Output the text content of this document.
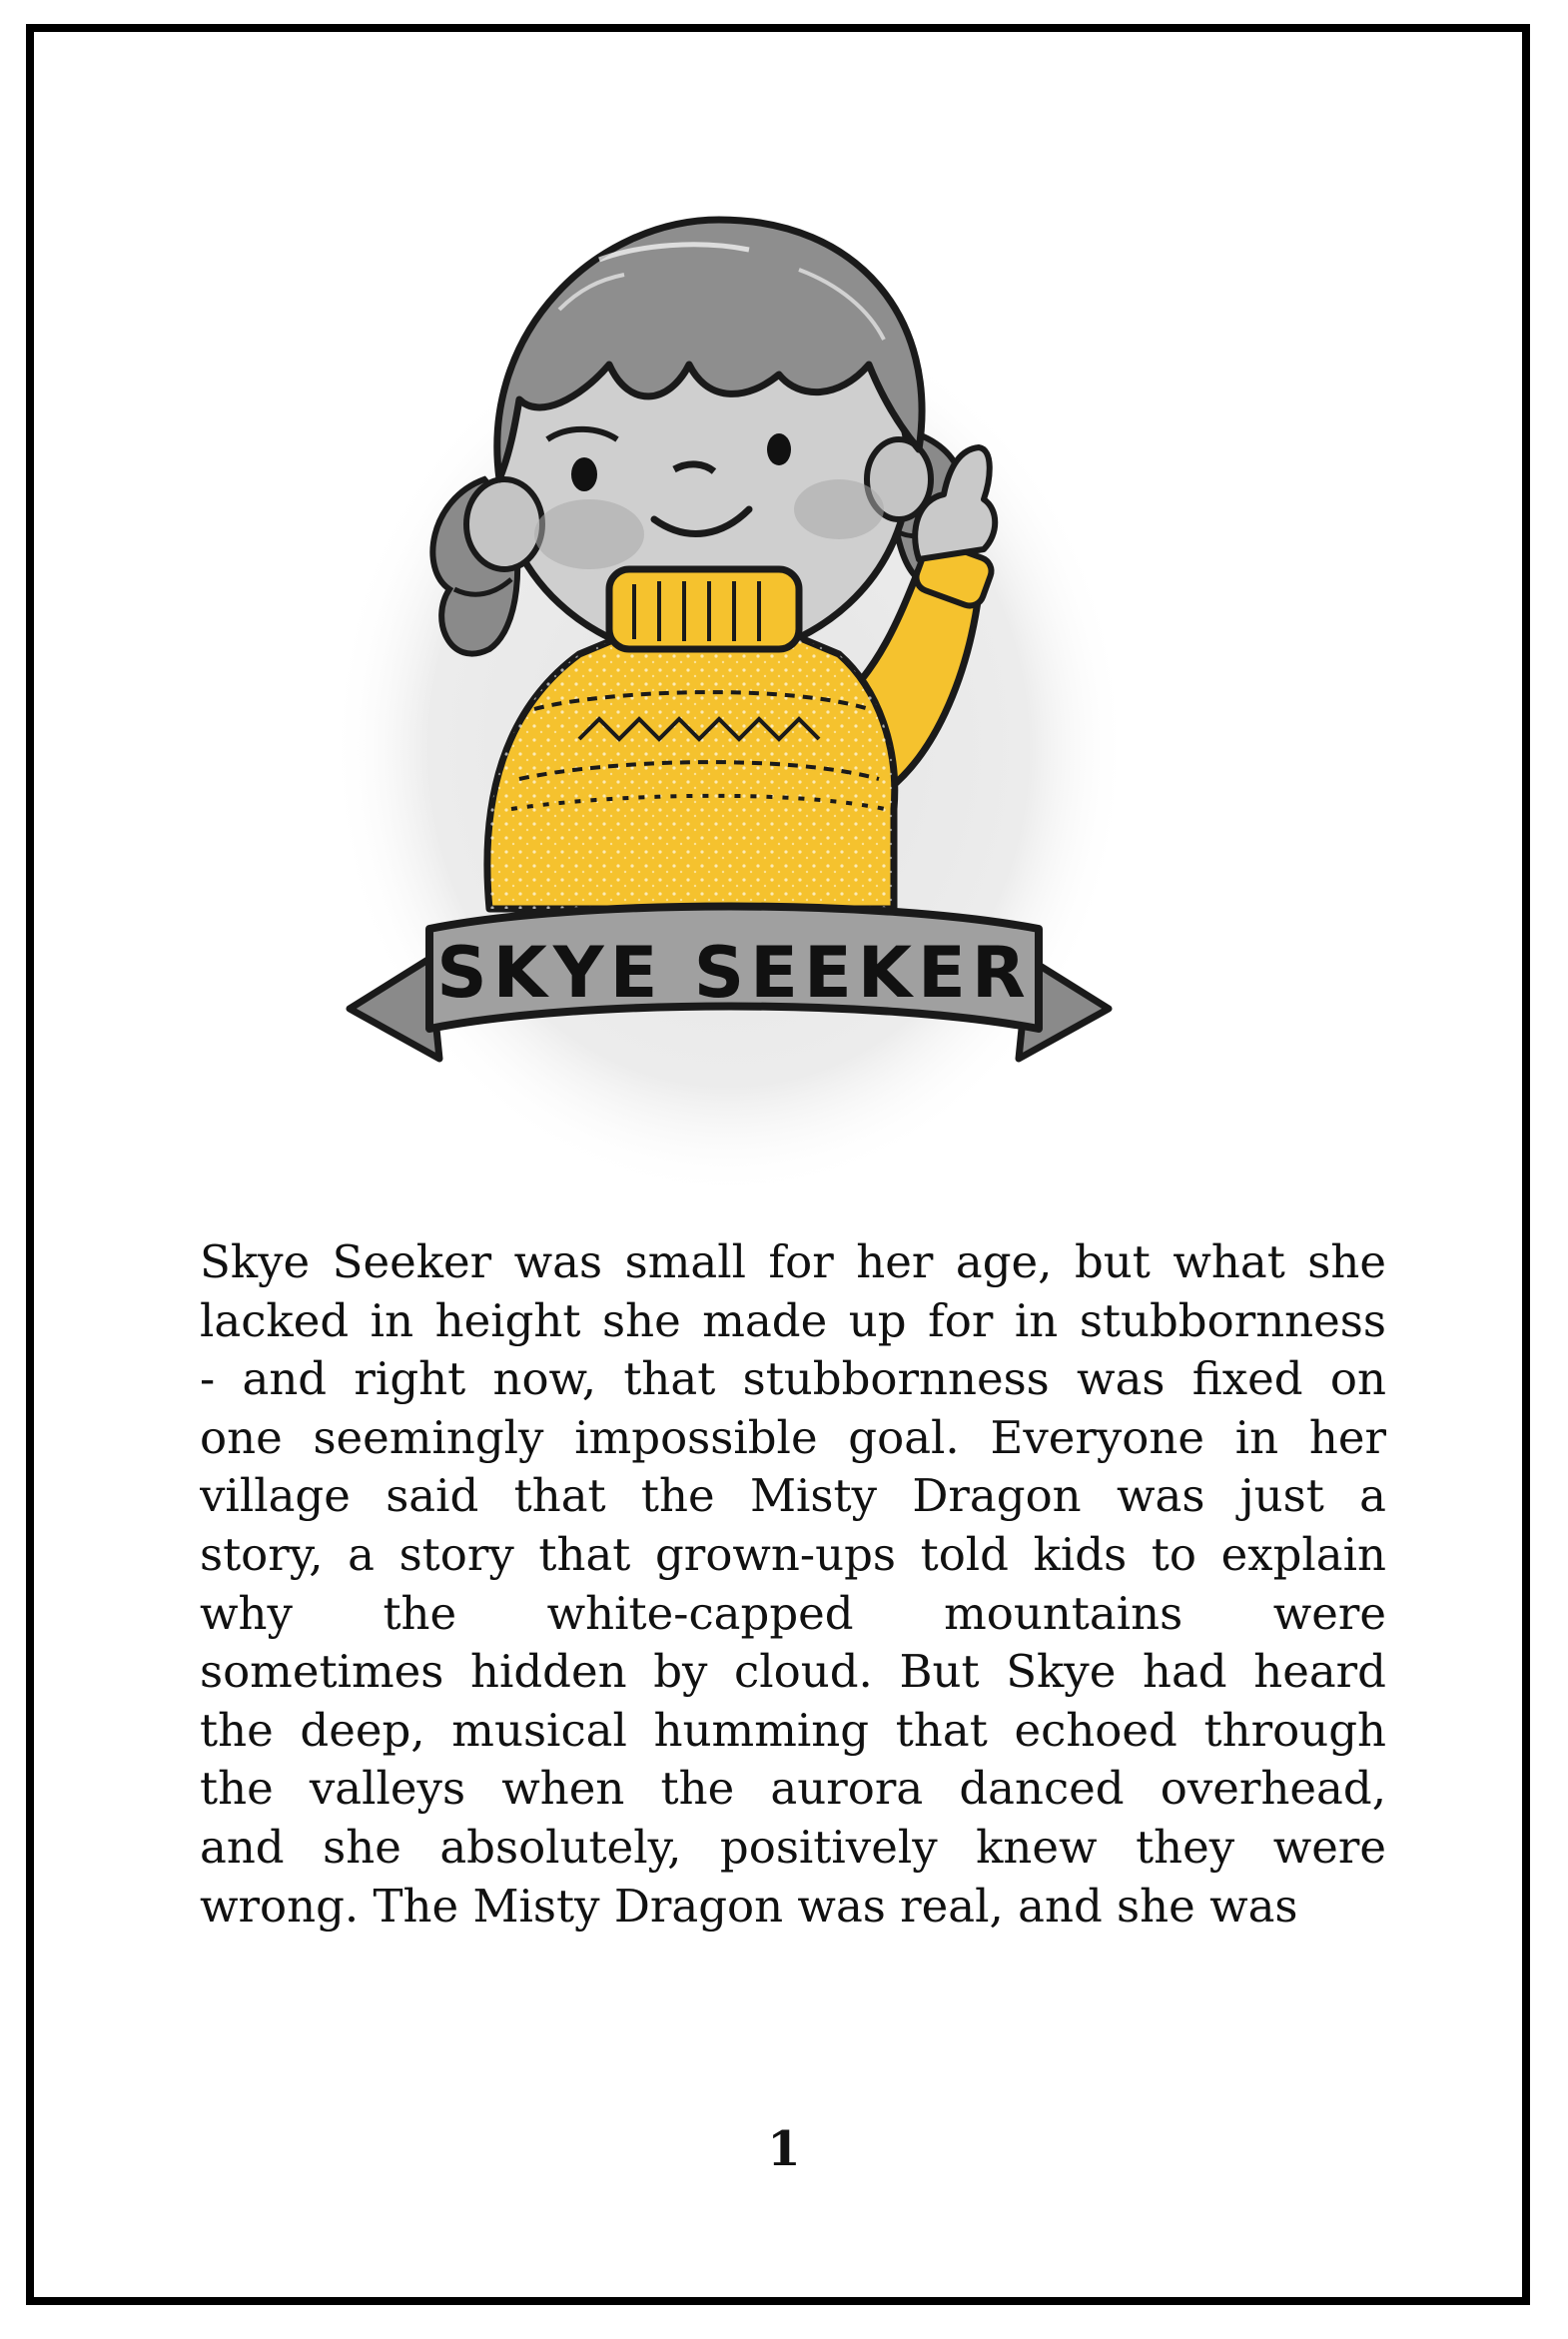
SKYE SEEKER
Skye Seeker was small for her age, but what she
lacked in height she made up for in stubbornness
- and right now, that stubbornness was fixed on
one seemingly impossible goal. Everyone in her
village said that the Misty Dragon was just a
story, a story that grown-ups told kids to explain
why the white-capped mountains were
sometimes hidden by cloud. But Skye had heard
the deep, musical humming that echoed through
the valleys when the aurora danced overhead,
and she absolutely, positively knew they were
wrong. The Misty Dragon was real, and she was
1
